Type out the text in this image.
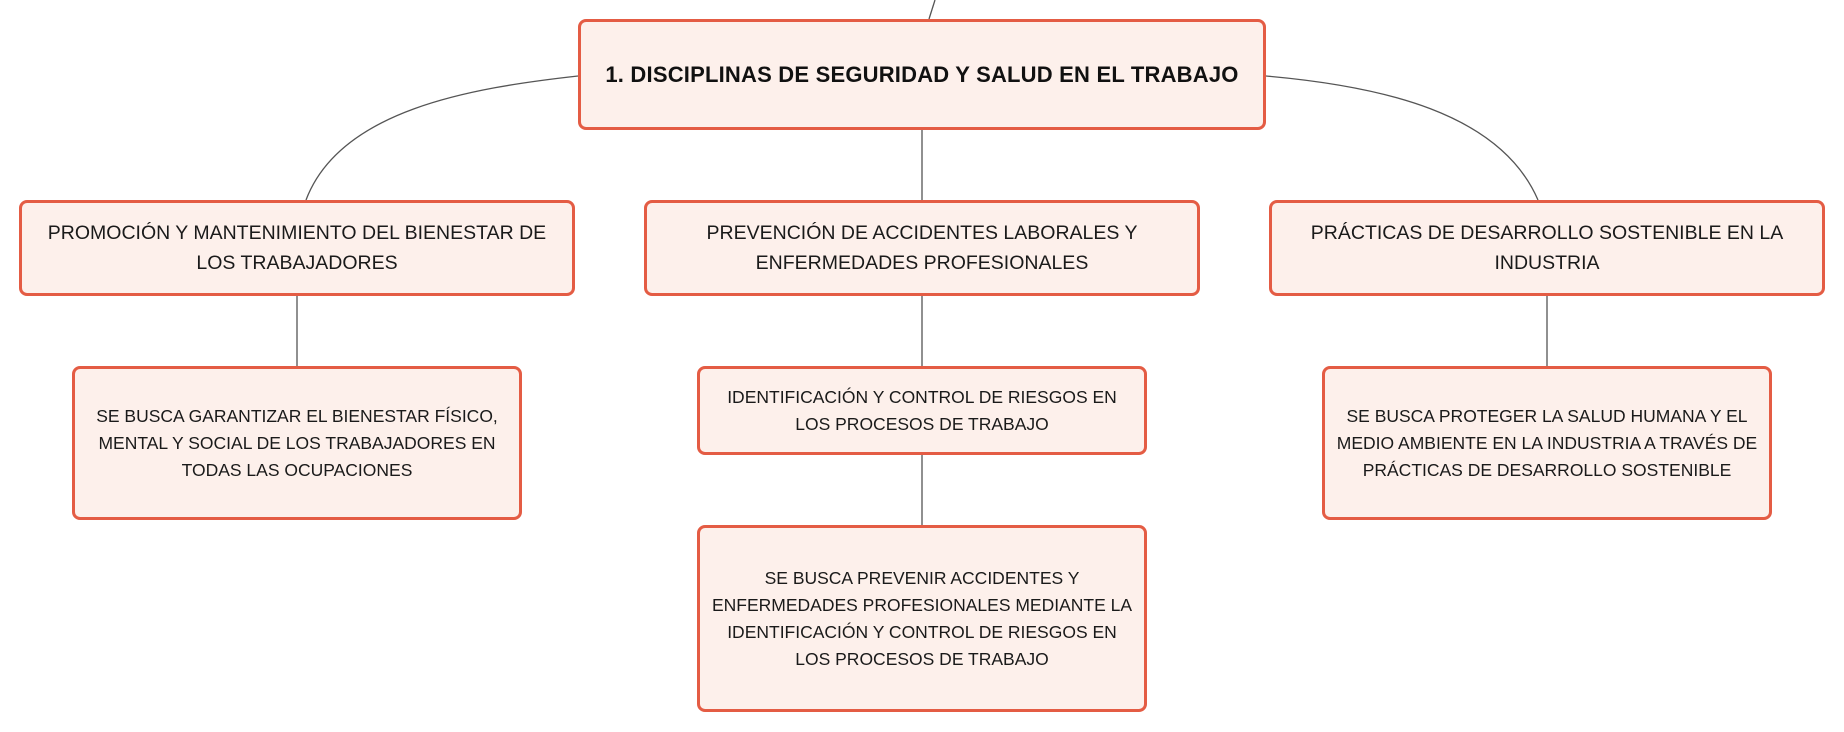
1. DISCIPLINAS DE SEGURIDAD Y SALUD EN EL TRABAJO
PROMOCIÓN Y MANTENIMIENTO DEL BIENESTAR DE LOS TRABAJADORES
PREVENCIÓN DE ACCIDENTES LABORALES Y ENFERMEDADES PROFESIONALES
PRÁCTICAS DE DESARROLLO SOSTENIBLE EN LA INDUSTRIA
SE BUSCA GARANTIZAR EL BIENESTAR FÍSICO, MENTAL Y SOCIAL DE LOS TRABAJADORES EN TODAS LAS OCUPACIONES
IDENTIFICACIÓN Y CONTROL DE RIESGOS EN LOS PROCESOS DE TRABAJO
SE BUSCA PREVENIR ACCIDENTES Y ENFERMEDADES PROFESIONALES MEDIANTE LA IDENTIFICACIÓN Y CONTROL DE RIESGOS EN LOS PROCESOS DE TRABAJO
SE BUSCA PROTEGER LA SALUD HUMANA Y EL MEDIO AMBIENTE EN LA INDUSTRIA A TRAVÉS DE PRÁCTICAS DE DESARROLLO SOSTENIBLE
